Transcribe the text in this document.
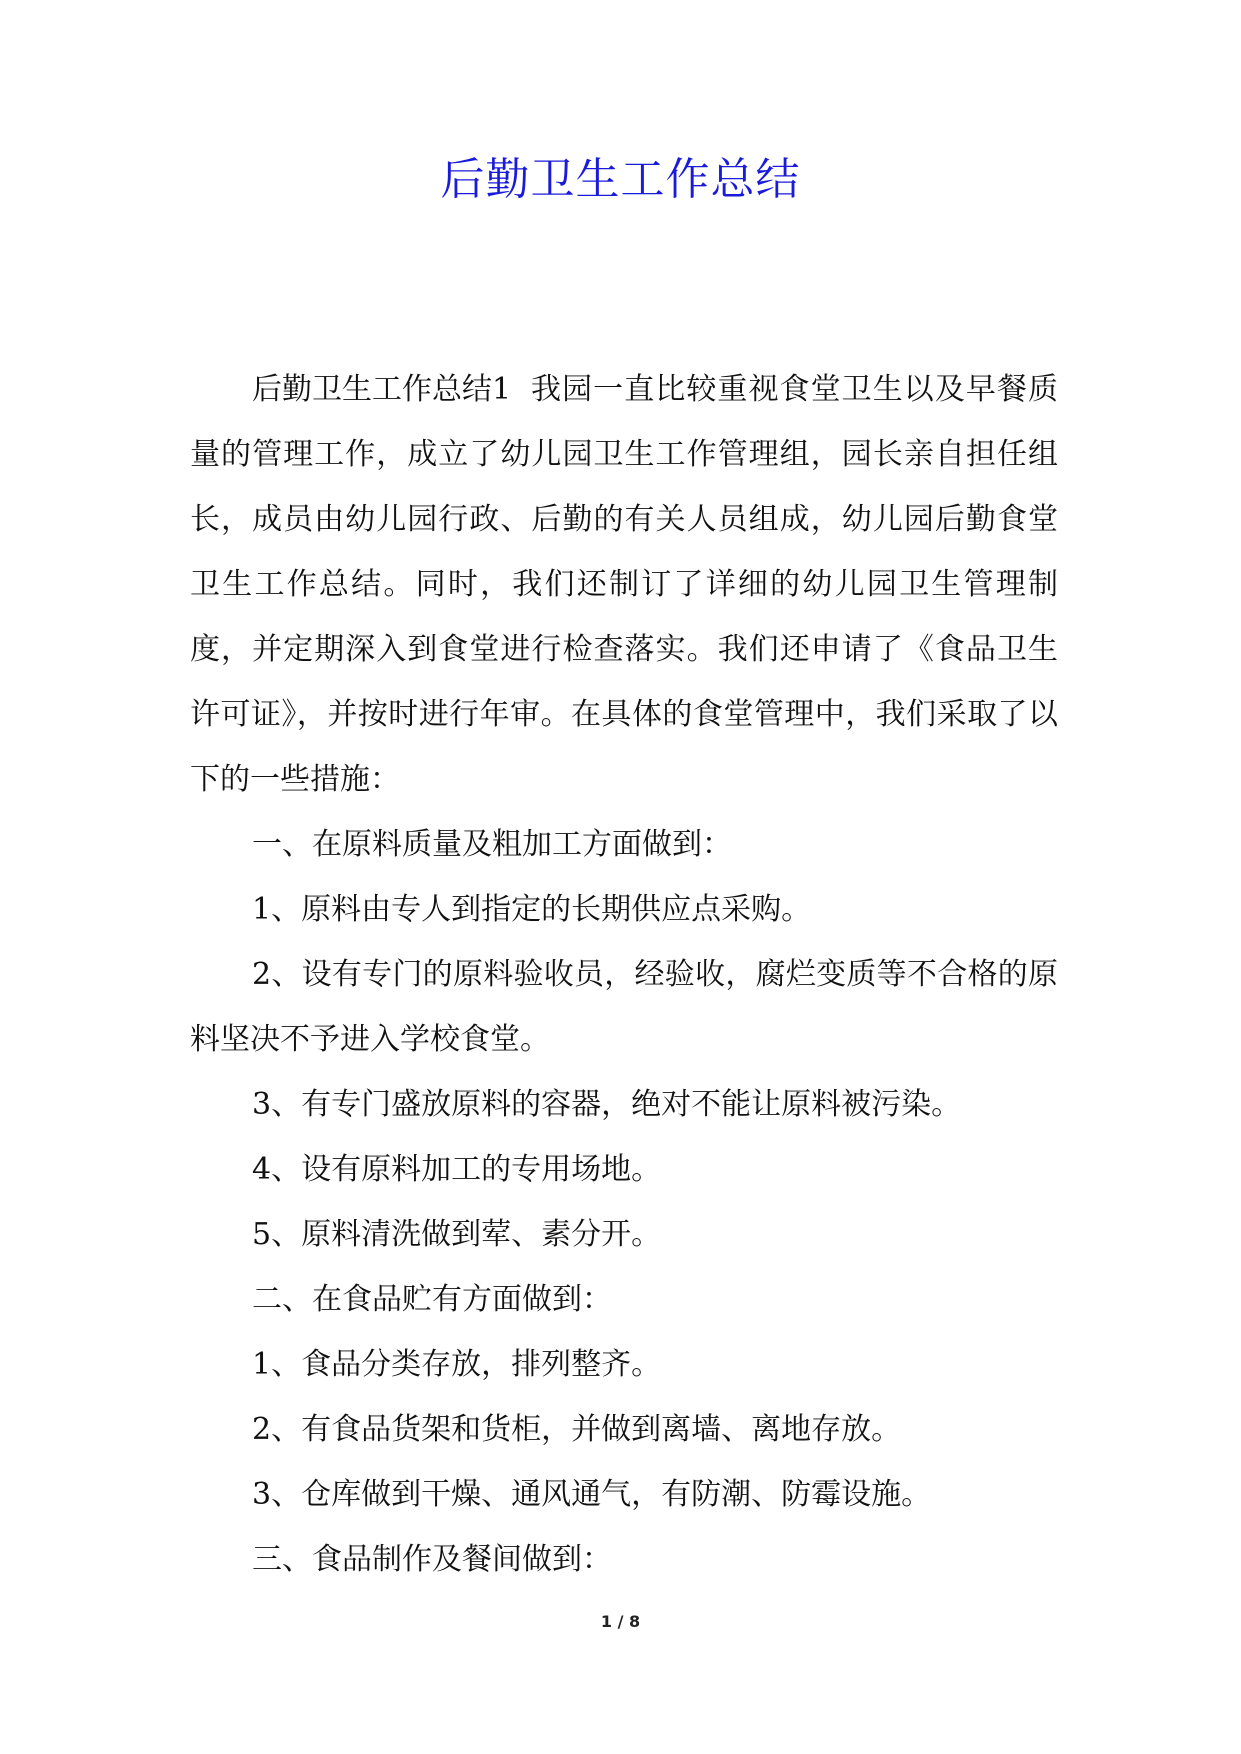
后勤卫生工作总结

后勤卫生工作总结1 我园一直比较重视食堂卫生以及早餐质量的管理工作，成立了幼儿园卫生工作管理组，园长亲自担任组长，成员由幼儿园行政、后勤的有关人员组成，幼儿园后勤食堂卫生工作总结。同时，我们还制订了详细的幼儿园卫生管理制度，并定期深入到食堂进行检查落实。我们还申请了《食品卫生许可证》，并按时进行年审。在具体的食堂管理中，我们采取了以下的一些措施：

一、在原料质量及粗加工方面做到：

1、原料由专人到指定的长期供应点采购。

2、设有专门的原料验收员，经验收，腐烂变质等不合格的原料坚决不予进入学校食堂。

3、有专门盛放原料的容器，绝对不能让原料被污染。

4、设有原料加工的专用场地。

5、原料清洗做到荤、素分开。

二、在食品贮有方面做到：

1、食品分类存放，排列整齐。

2、有食品货架和货柜，并做到离墙、离地存放。

3、仓库做到干燥、通风通气，有防潮、防霉设施。

三、食品制作及餐间做到：

1 / 8
